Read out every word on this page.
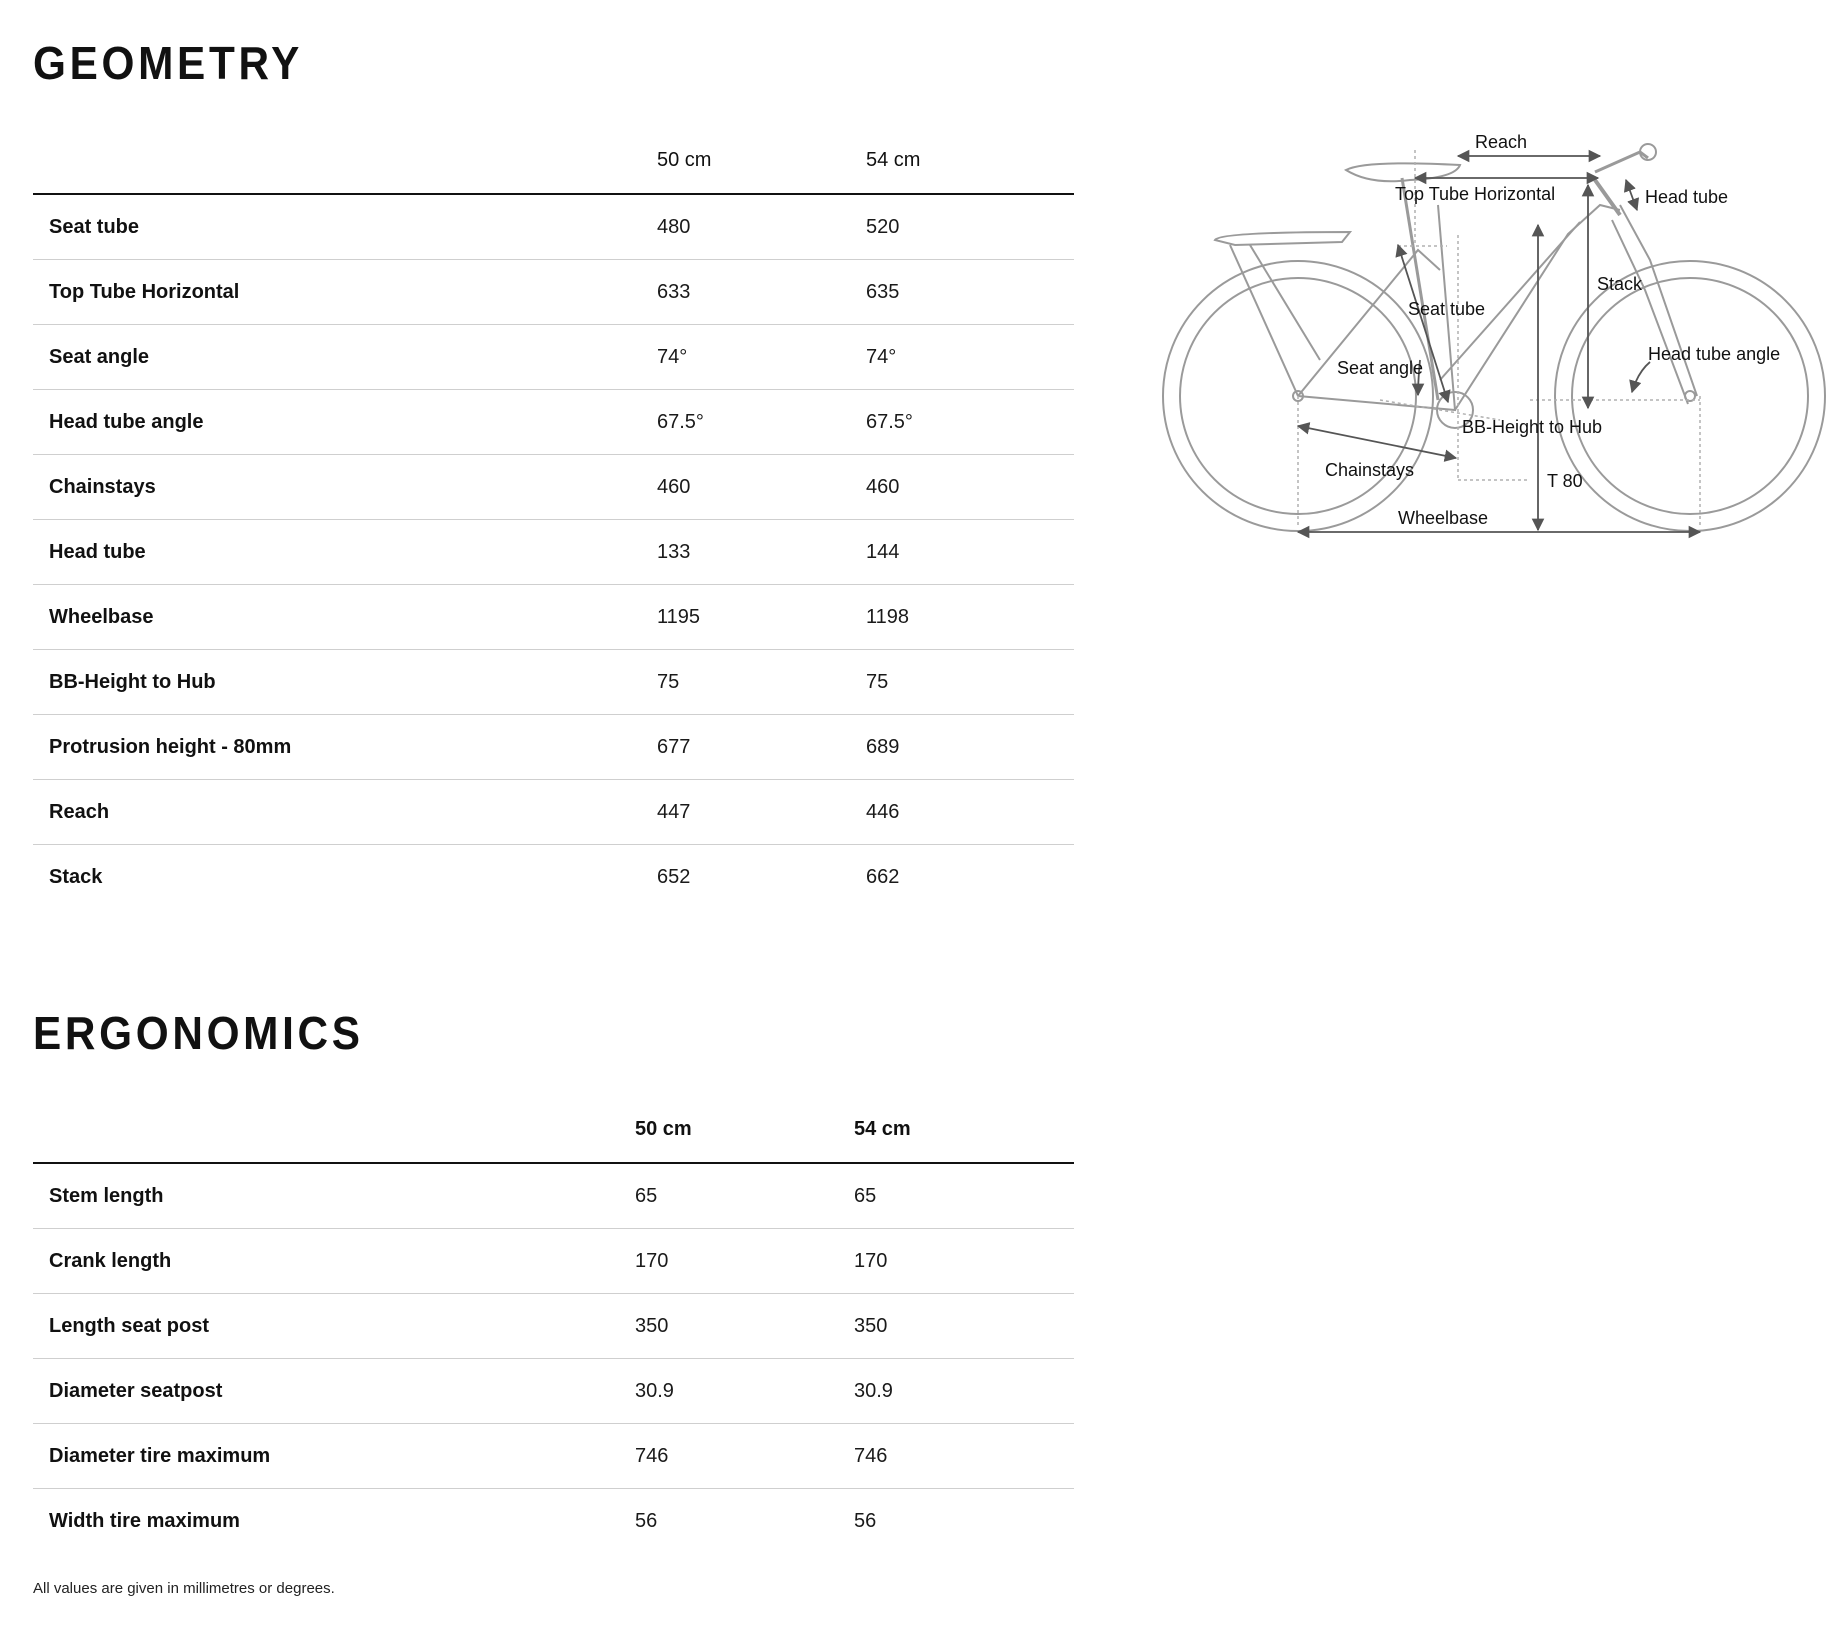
GEOMETRY
	50 cm	54 cm
Seat tube	480	520
Top Tube Horizontal	633	635
Seat angle	74°	74°
Head tube angle	67.5°	67.5°
Chainstays	460	460
Head tube	133	144
Wheelbase	1195	1198
BB-Height to Hub	75	75
Protrusion height - 80mm	677	689
Reach	447	446
Stack	652	662
Reach
Top Tube Horizontal	Head tube
Stack
Seat tube
Head tube angle
Seat angle
BB-Height to Hub
Chainstays
T 80
Wheelbase
ERGONOMICS
	50 cm	54 cm
Stem length	65	65
Crank length	170	170
Length seat post	350	350
Diameter seatpost	30.9	30.9
Diameter tire maximum	746	746
Width tire maximum	56	56

All values are given in millimetres or degrees.
